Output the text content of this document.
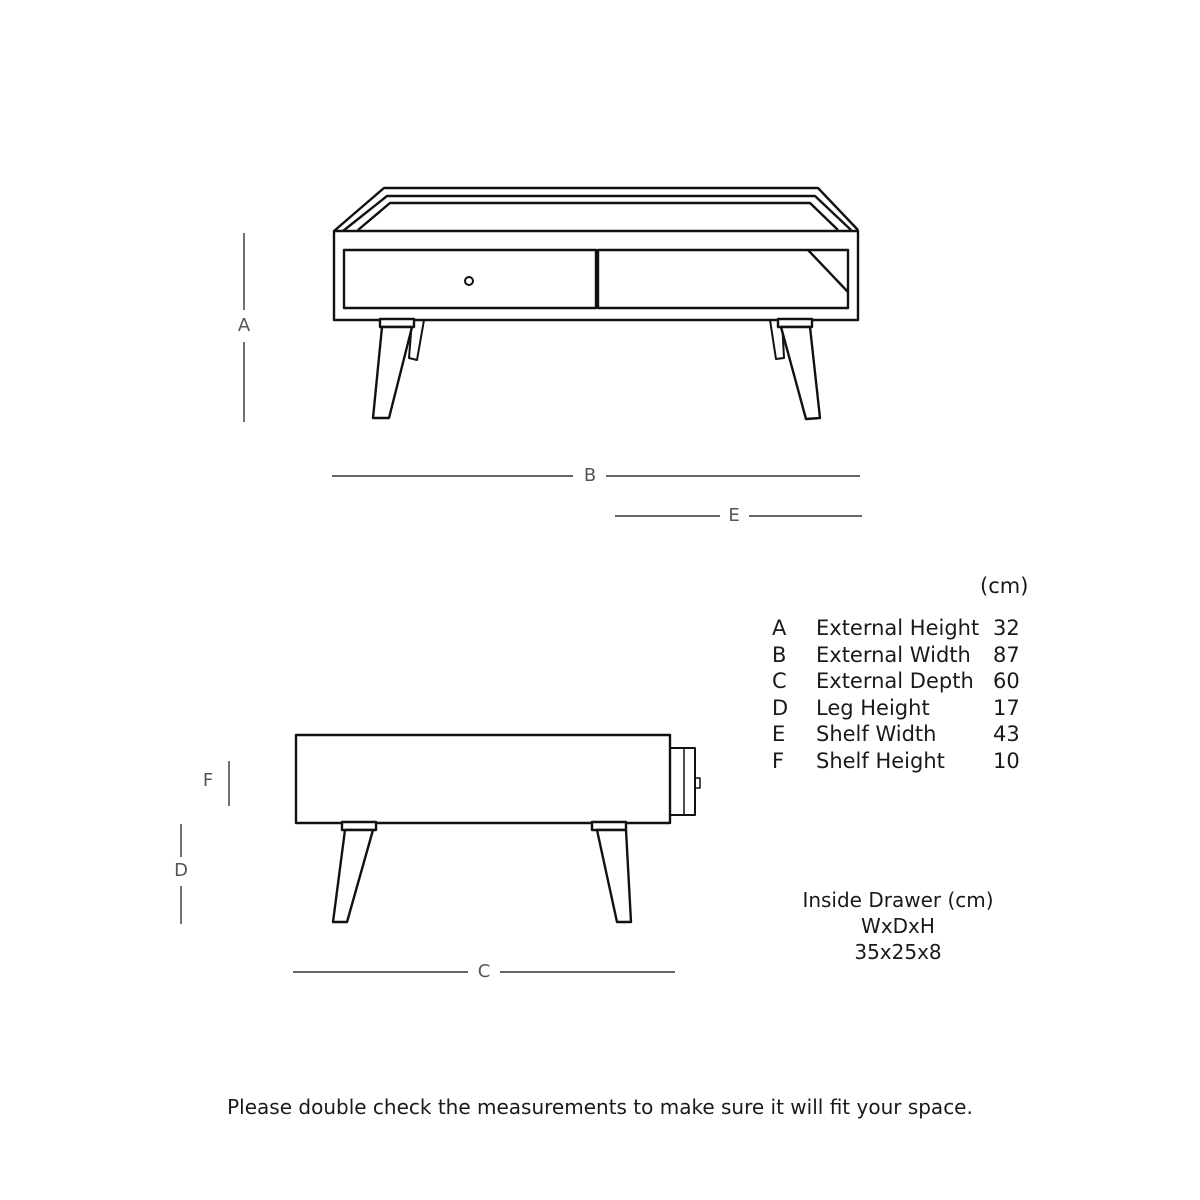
A
B
E
F
D
C
(cm)
A	External Height	32
B	External Width	87
C	External Depth	60
D	Leg Height	17
E	Shelf Width	43
F	Shelf Height	10
Inside Drawer (cm)
WxDxH
35x25x8
Please double check the measurements to make sure it will fit your space.
